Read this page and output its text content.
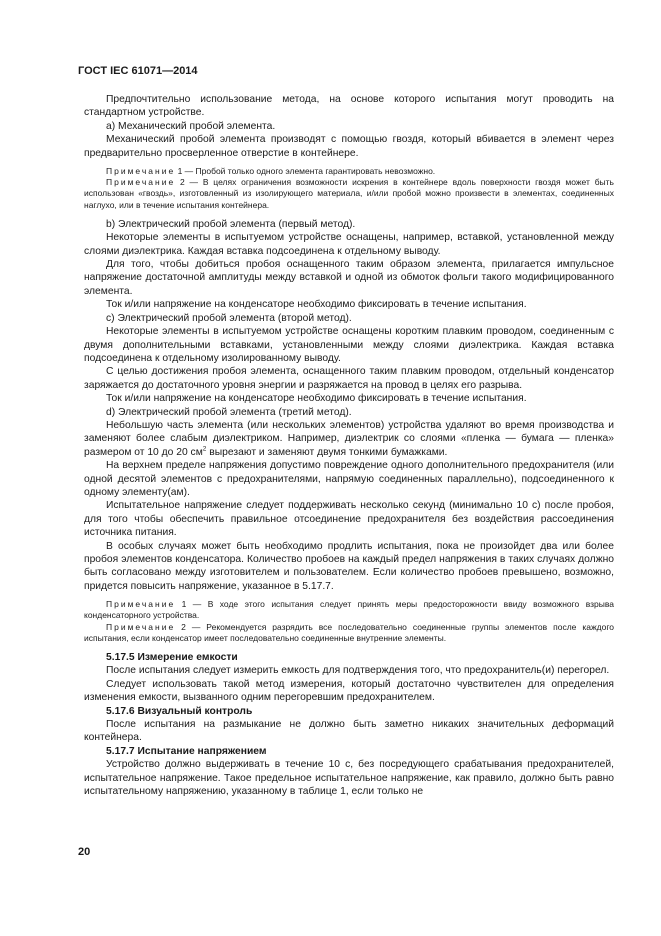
ГОСТ IEC 61071—2014

Предпочтительно использование метода, на основе которого испытания могут проводить на стандартном устройстве.

a) Механический пробой элемента.

Механический пробой элемента производят с помощью гвоздя, который вбивается в элемент через предварительно просверленное отверстие в контейнере.

Примечание 1 — Пробой только одного элемента гарантировать невозможно.

Примечание 2 — В целях ограничения возможности искрения в контейнере вдоль поверхности гвоздя может быть использован «гвоздь», изготовленный из изолирующего материала, и/или пробой можно произвести в элементах, соединенных наглухо, или в течение испытания контейнера.

b) Электрический пробой элемента (первый метод).

Некоторые элементы в испытуемом устройстве оснащены, например, вставкой, установленной между слоями диэлектрика. Каждая вставка подсоединена к отдельному выводу.

Для того, чтобы добиться пробоя оснащенного таким образом элемента, прилагается импульсное напряжение достаточной амплитуды между вставкой и одной из обмоток фольги такого модифицированного элемента.

Ток и/или напряжение на конденсаторе необходимо фиксировать в течение испытания.

c) Электрический пробой элемента (второй метод).

Некоторые элементы в испытуемом устройстве оснащены коротким плавким проводом, соединенным с двумя дополнительными вставками, установленными между слоями диэлектрика. Каждая вставка подсоединена к отдельному изолированному выводу.

С целью достижения пробоя элемента, оснащенного таким плавким проводом, отдельный конденсатор заряжается до достаточного уровня энергии и разряжается на провод в целях его разрыва.

Ток и/или напряжение на конденсаторе необходимо фиксировать в течение испытания.

d) Электрический пробой элемента (третий метод).

Небольшую часть элемента (или нескольких элементов) устройства удаляют во время производства и заменяют более слабым диэлектриком. Например, диэлектрик со слоями «пленка — бумага — пленка» размером от 10 до 20 $см^2$ вырезают и заменяют двумя тонкими бумажками.

На верхнем пределе напряжения допустимо повреждение одного дополнительного предохранителя (или одной десятой элементов с предохранителями, напрямую соединенных параллельно), подсоединенного к одному элементу(ам).

Испытательное напряжение следует поддерживать несколько секунд (минимально 10 с) после пробоя, для того чтобы обеспечить правильное отсоединение предохранителя без воздействия рассоединения источника питания.

В особых случаях может быть необходимо продлить испытания, пока не произойдет два или более пробоя элементов конденсатора. Количество пробоев на каждый предел напряжения в таких случаях должно быть согласовано между изготовителем и пользователем. Если количество пробоев превышено, возможно, придется повысить напряжение, указанное в 5.17.7.

Примечание 1 — В ходе этого испытания следует принять меры предосторожности ввиду возможного взрыва конденсаторного устройства.

Примечание 2 — Рекомендуется разрядить все последовательно соединенные группы элементов после каждого испытания, если конденсатор имеет последовательно соединенные внутренние элементы.

5.17.5 Измерение емкости

После испытания следует измерить емкость для подтверждения того, что предохранитель(и) перегорел.

Следует использовать такой метод измерения, который достаточно чувствителен для определения изменения емкости, вызванного одним перегоревшим предохранителем.

5.17.6 Визуальный контроль

После испытания на размыкание не должно быть заметно никаких значительных деформаций контейнера.

5.17.7 Испытание напряжением

Устройство должно выдерживать в течение 10 с, без посредующего срабатывания предохранителей, испытательное напряжение. Такое предельное испытательное напряжение, как правило, должно быть равно испытательному напряжению, указанному в таблице 1, если только не

20
